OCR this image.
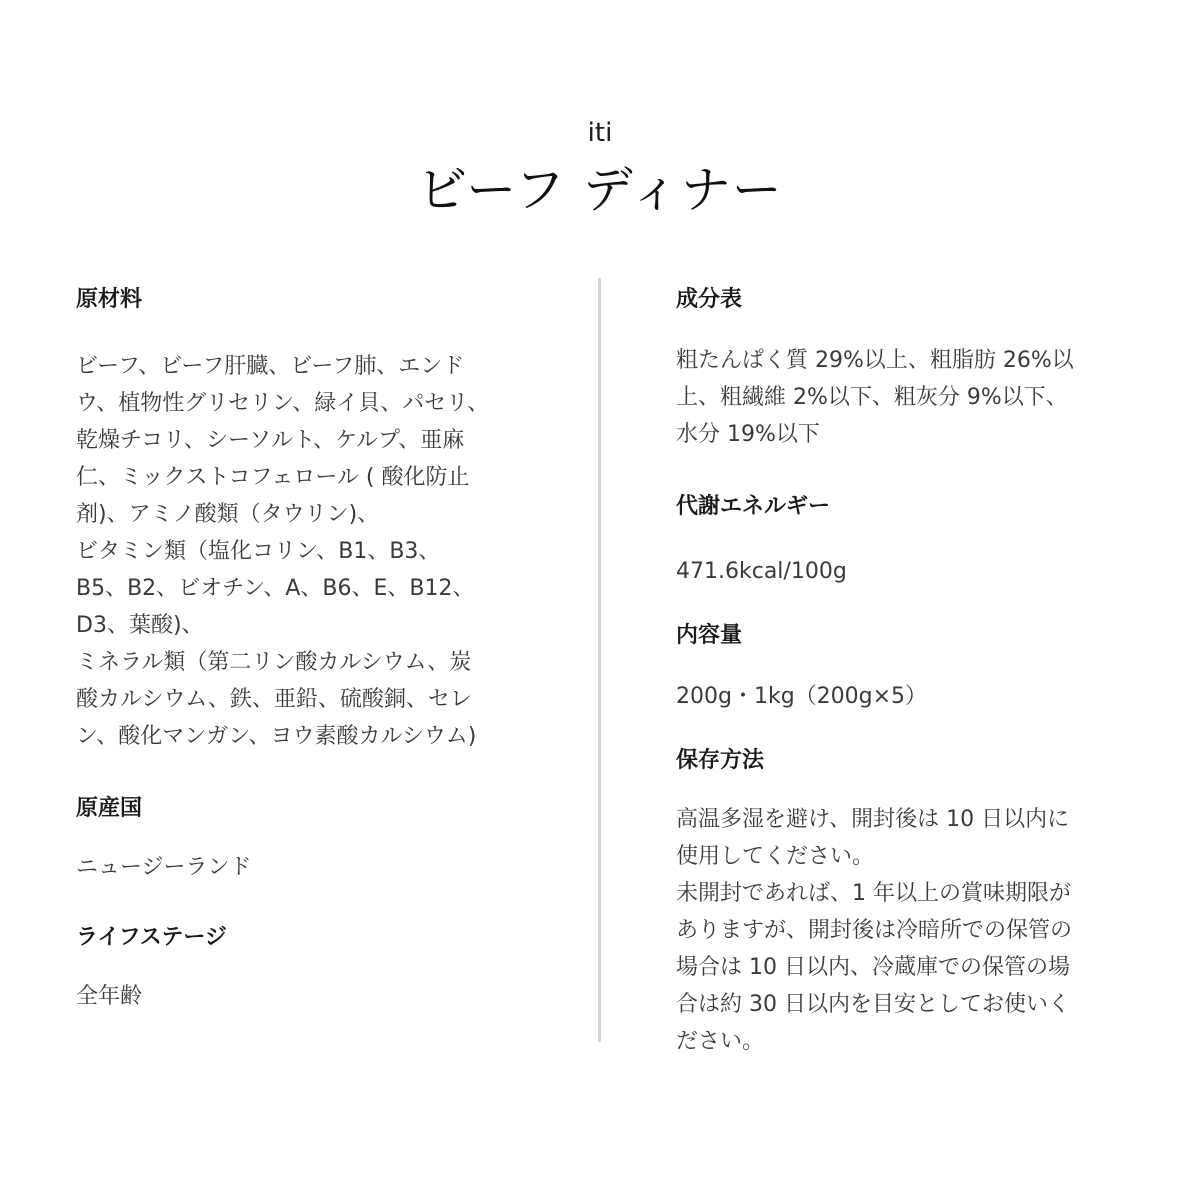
iti
ビーフ ディナー
原材料

ビーフ、ビーフ肝臓、ビーフ肺、エンド
ウ、植物性グリセリン、緑イ貝、パセリ、
乾燥チコリ、シーソルト、ケルプ、亜麻
仁、ミックストコフェロール ( 酸化防止
剤)、アミノ酸類（タウリン)、
ビタミン類（塩化コリン、B1、B3、
B5、B2、ビオチン、A、B6、E、B12、
D3、葉酸)、
ミネラル類（第二リン酸カルシウム、炭
酸カルシウム、鉄、亜鉛、硫酸銅、セレ
ン、酸化マンガン、ヨウ素酸カルシウム)

原産国

ニュージーランド

ライフステージ

全年齢

成分表

粗たんぱく質 29%以上、粗脂肪 26%以
上、粗繊維 2%以下、粗灰分 9%以下、
水分 19%以下

代謝エネルギー

471.6kcal/100g

内容量

200g・1kg（200g×5）

保存方法

高温多湿を避け、開封後は 10 日以内に
使用してください。
未開封であれば、1 年以上の賞味期限が
ありますが、開封後は冷暗所での保管の
場合は 10 日以内、冷蔵庫での保管の場
合は約 30 日以内を目安としてお使いく
ださい。
